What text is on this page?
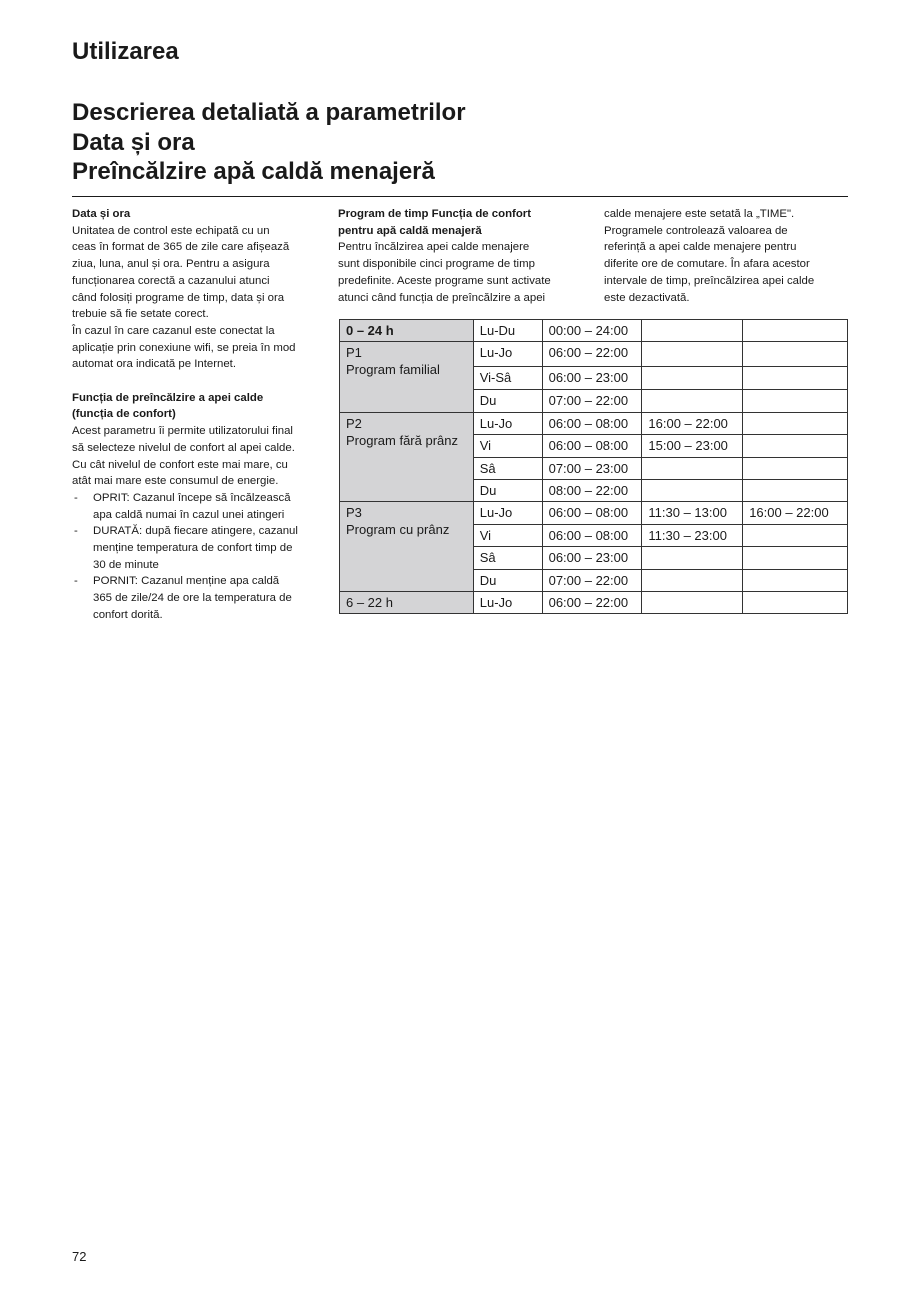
Utilizarea
Descrierea detaliată a parametrilor
Data și ora
Preîncălzire apă caldă menajeră

Data și ora

Unitatea de control este echipată cu un

ceas în format de 365 de zile care afișează

ziua, luna, anul și ora. Pentru a asigura

funcționarea corectă a cazanului atunci

când folosiți programe de timp, data și ora

trebuie să fie setate corect.

În cazul în care cazanul este conectat la

aplicație prin conexiune wifi, se preia în mod

automat ora indicată pe Internet.

Funcția de preîncălzire a apei calde

(funcția de confort)

Acest parametru îi permite utilizatorului final

să selecteze nivelul de confort al apei calde.

Cu cât nivelul de confort este mai mare, cu

atât mai mare este consumul de energie.

- OPRIT: Cazanul începe să încălzească
apa caldă numai în cazul unei atingeri
- DURATĂ: după fiecare atingere, cazanul
menține temperatura de confort timp de
30 de minute
- PORNIT: Cazanul menține apa caldă
365 de zile/24 de ore la temperatura de
confort dorită.

Program de timp Funcția de confort

pentru apă caldă menajeră

Pentru încălzirea apei calde menajere

sunt disponibile cinci programe de timp

predefinite. Aceste programe sunt activate

atunci când funcția de preîncălzire a apei

calde menajere este setată la „TIME".

Programele controlează valoarea de

referință a apei calde menajere pentru

diferite ore de comutare. În afara acestor

intervale de timp, preîncălzirea apei calde

este dezactivată.

0 – 24 h	Lu-Du	00:00 – 24:00		

P1
Program familial	Lu-Jo	06:00 – 22:00		
	Vi-Sâ	06:00 – 23:00		
	Du	07:00 – 22:00		

P2
Program fără prânz	Lu-Jo	06:00 – 08:00	16:00 – 22:00	
	Vi	06:00 – 08:00	15:00 – 23:00	
	Sâ	07:00 – 23:00		
	Du	08:00 – 22:00		

P3
Program cu prânz	Lu-Jo	06:00 – 08:00	11:30 – 13:00	16:00 – 22:00
	Vi	06:00 – 08:00	11:30 – 23:00	
	Sâ	06:00 – 23:00		
	Du	07:00 – 22:00		

6 – 22 h	Lu-Jo	06:00 – 22:00		
72
